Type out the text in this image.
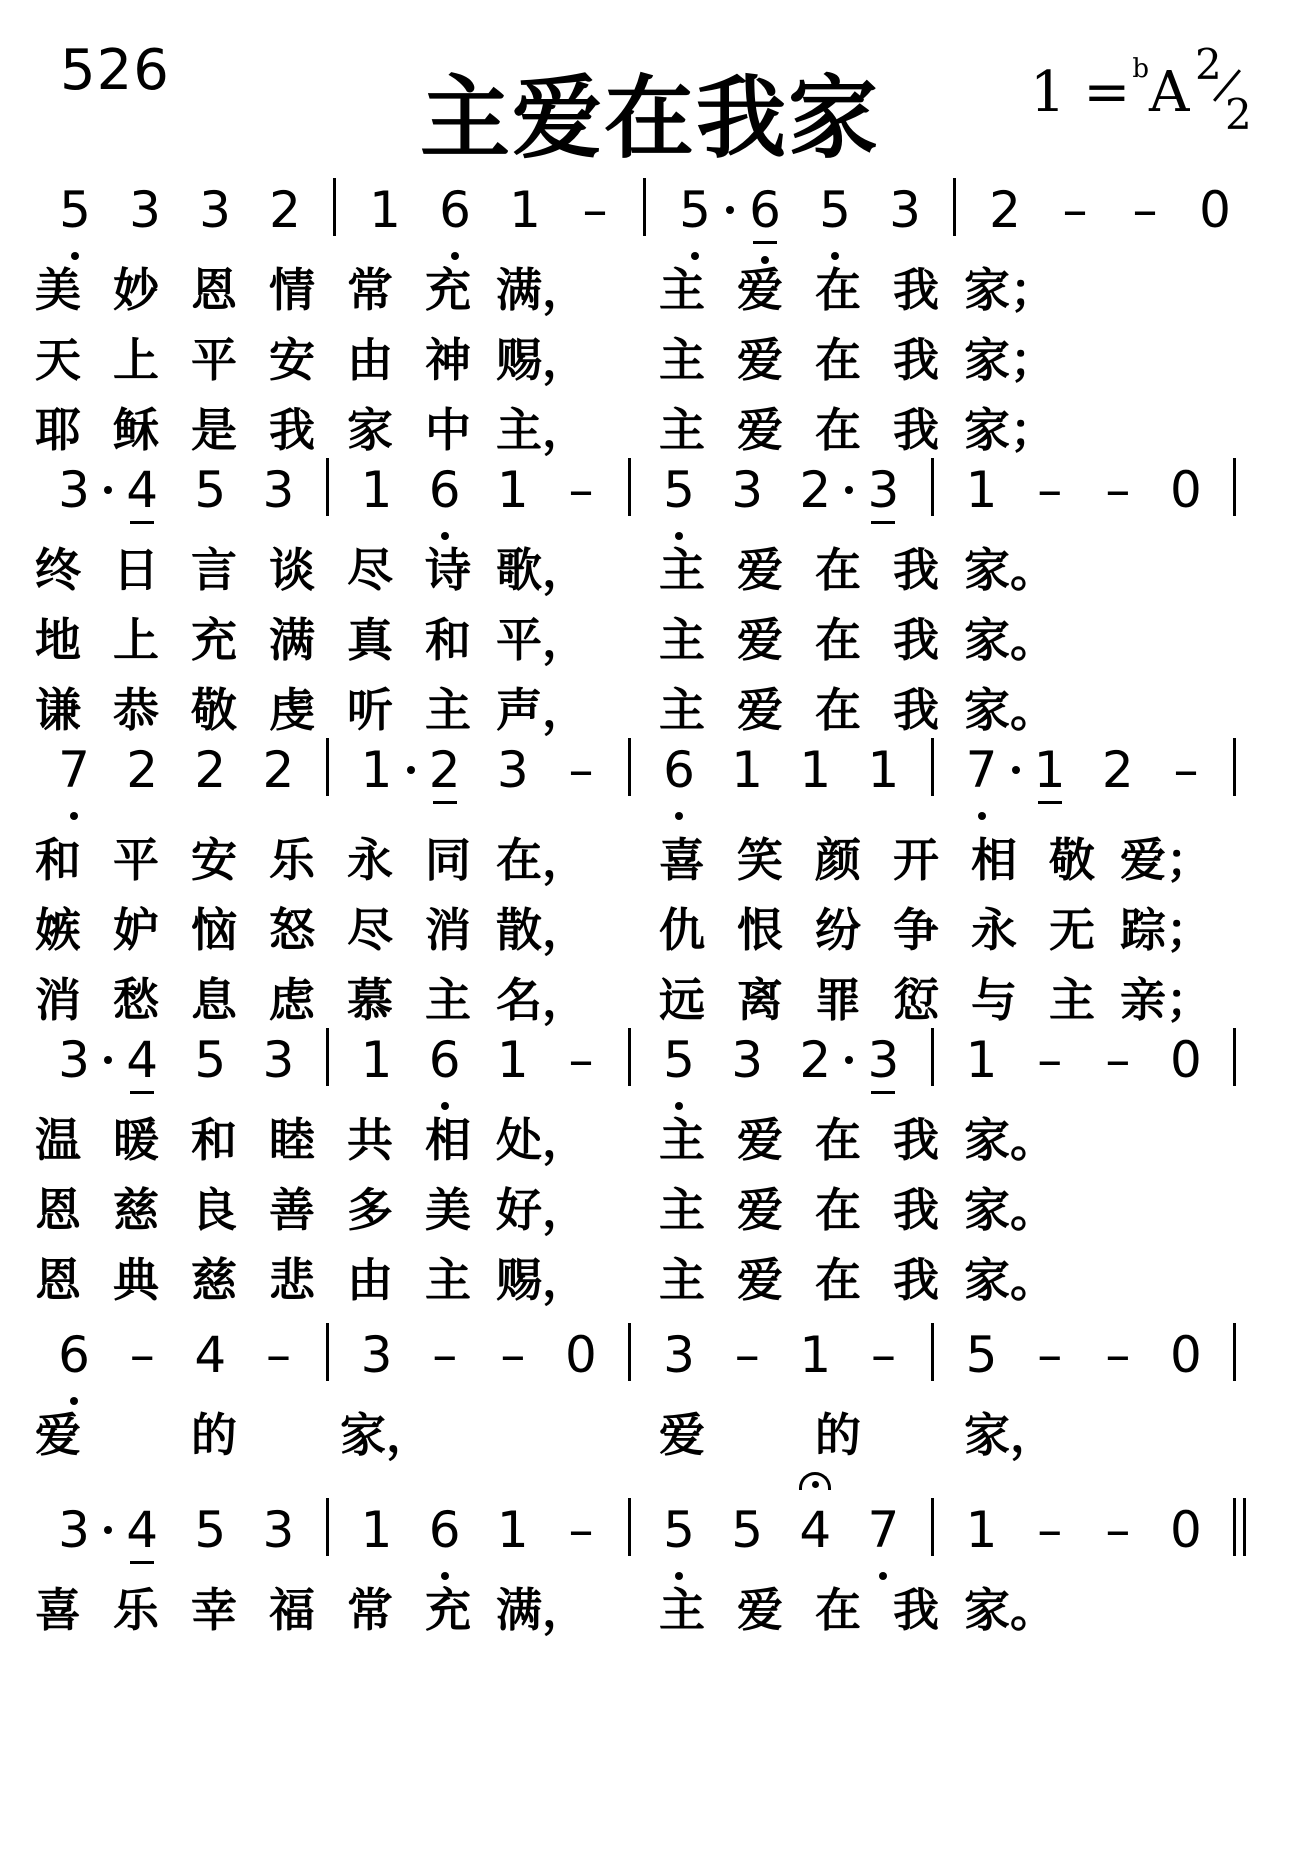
526	主爱在我家	1 =$^b$A 2
2
5 3 3 2 1 6 1 –	5 6 5 3 2 – – 0
美 妙 恩 情 常 充 满， 主 爱 在 我 家；
天 上 平 安 由 神 赐， 主 爱 在 我 家；
耶 稣 是 我 家 中 主， 主 爱 在 我 家；
3 4 5 3 1 6 1 –	5 3 2 3 1 – – 0
终 日 言 谈 尽 诗 歌， 主 爱 在 我 家。
地 上 充 满 真 和 平， 主 爱 在 我 家。
谦 恭 敬 虔 听 主 声， 主 爱 在 我 家。
7 2 2 2 1 2 3 –	6 1 1 1 7 1 2 –
和 平 安 乐 永 同 在， 喜 笑 颜 开 相 敬 爱；
嫉 妒 恼 怒 尽 消 散， 仇 恨 纷 争 永 无 踪；
消 愁 息 虑 慕 主 名， 远 离 罪 愆 与 主 亲；
3 4 5 3 1 6 1 –	5 3 2 3 1 – – 0
温 暖 和 睦 共 相 处， 主 爱 在 我 家。
恩 慈 良 善 多 美 好， 主 爱 在 我 家。
恩 典 慈 悲 由 主 赐， 主 爱 在 我 家。
6 – 4 –	3 – – 0 3 – 1 –	5 – – 0
爱 的 家，	爱 的 家，
3 4 5 3 1 6 1 –	5 5 4 7 1 – – 0
喜 乐 幸 福 常 充 满， 主 爱 在 我 家。
